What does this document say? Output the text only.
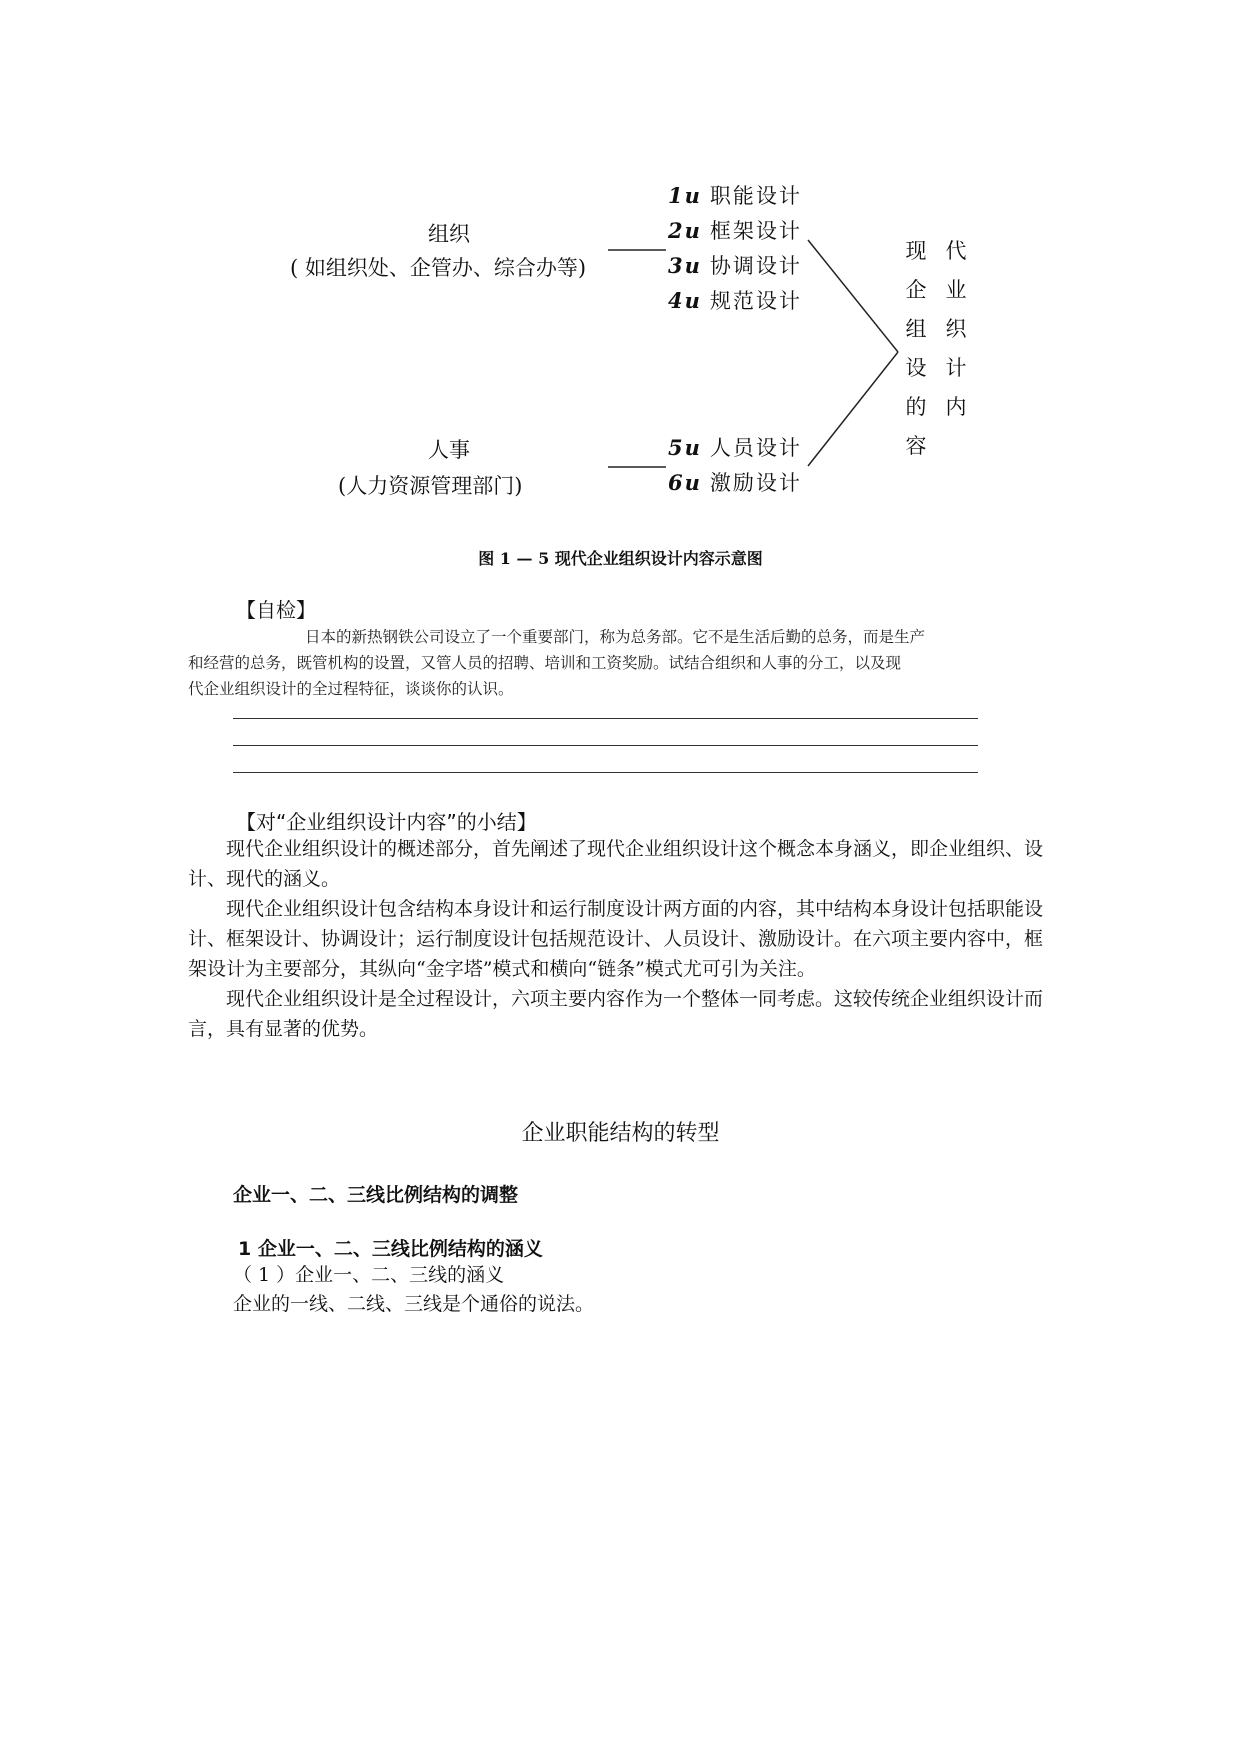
组织
( 如组织处、企管办、综合办等)
人事
(人力资源管理部门)
1u 职能设计
2u 框架设计
3u 协调设计
4u 规范设计
5u 人员设计
6u 激励设计
现
企
组
设
的
容
代
业
织
计
内
图 1 — 5 现代企业组织设计内容示意图
【自检】
日本的新热钢铁公司设立了一个重要部门，称为总务部。它不是生活后勤的总务，而是生产
和经营的总务，既管机构的设置，又管人员的招聘、培训和工资奖励。试结合组织和人事的分工，以及现
代企业组织设计的全过程特征，谈谈你的认识。
【对“企业组织设计内容”的小结】

现代企业组织设计的概述部分，首先阐述了现代企业组织设计这个概念本身涵义，即企业组织、设计、现代的涵义。

现代企业组织设计包含结构本身设计和运行制度设计两方面的内容，其中结构本身设计包括职能设计、框架设计、协调设计；运行制度设计包括规范设计、人员设计、激励设计。在六项主要内容中，框架设计为主要部分，其纵向“金字塔”模式和横向“链条”模式尤可引为关注。

现代企业组织设计是全过程设计，六项主要内容作为一个整体一同考虑。这较传统企业组织设计而言，具有显著的优势。

企业职能结构的转型
企业一、二、三线比例结构的调整
1 企业一、二、三线比例结构的涵义
（ 1 ）企业一、二、三线的涵义
企业的一线、二线、三线是个通俗的说法。
